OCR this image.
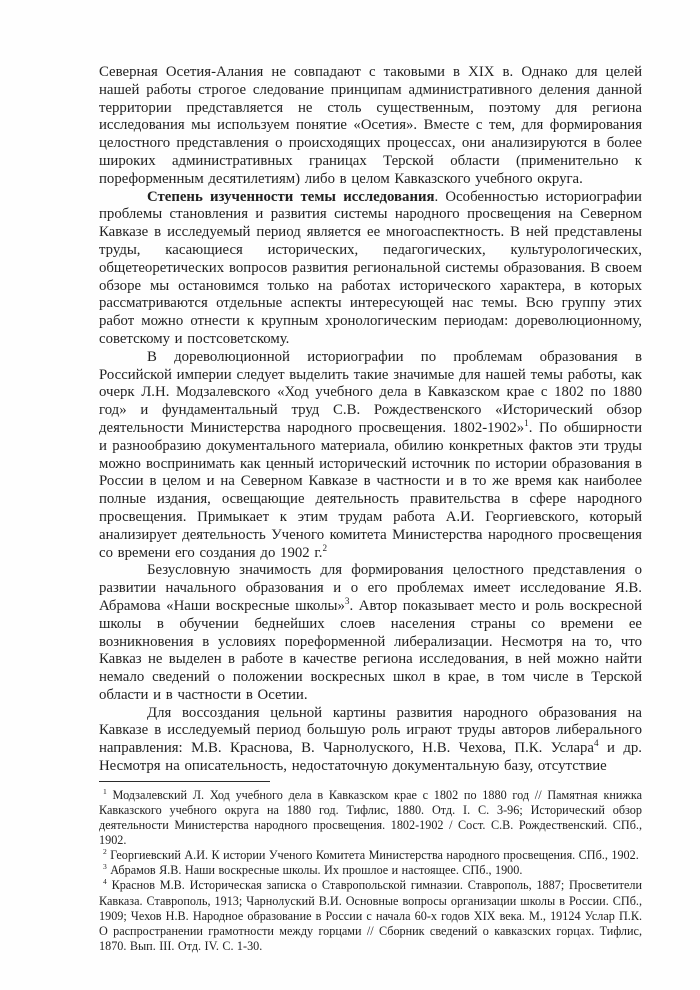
Северная Осетия-Алания не совпадают с таковыми в XIX в. Однако для целей нашей работы строгое следование принципам административного деления данной территории представляется не столь существенным, поэтому для региона исследования мы используем понятие «Осетия». Вместе с тем, для формирования целостного представления о происходящих процессах, они анализируются в более широких административных границах Терской области (применительно к пореформенным десятилетиям) либо в целом Кавказского учебного округа.

Степень изученности темы исследования. Особенностью историографии проблемы становления и развития системы народного просвещения на Северном Кавказе в исследуемый период является ее многоаспектность. В ней представлены труды, касающиеся исторических, педагогических, культурологических, общетеоретических вопросов развития региональной системы образования. В своем обзоре мы остановимся только на работах исторического характера, в которых рассматриваются отдельные аспекты интересующей нас темы. Всю группу этих работ можно отнести к крупным хронологическим периодам: дореволюционному, советскому и постсоветскому.

В дореволюционной историографии по проблемам образования в Российской империи следует выделить такие значимые для нашей темы работы, как очерк Л.Н. Модзалевского «Ход учебного дела в Кавказском крае с 1802 по 1880 год» и фундаментальный труд С.В. Рождественского «Исторический обзор деятельности Министерства народного просвещения. 1802-1902»$^1$. По обширности и разнообразию документального материала, обилию конкретных фактов эти труды можно воспринимать как ценный исторический источник по истории образования в России в целом и на Северном Кавказе в частности и в то же время как наиболее полные издания, освещающие деятельность правительства в сфере народного просвещения. Примыкает к этим трудам работа А.И. Георгиевского, который анализирует деятельность Ученого комитета Министерства народного просвещения со времени его создания до 1902 г.$^2$

Безусловную значимость для формирования целостного представления о развитии начального образования и о его проблемах имеет исследование Я.В. Абрамова «Наши воскресные школы»$^3$. Автор показывает место и роль воскресной школы в обучении беднейших слоев населения страны со времени ее возникновения в условиях пореформенной либерализации. Несмотря на то, что Кавказ не выделен в работе в качестве региона исследования, в ней можно найти немало сведений о положении воскресных школ в крае, в том числе в Терской области и в частности в Осетии.

Для воссоздания цельной картины развития народного образования на Кавказе в исследуемый период большую роль играют труды авторов либерального направления: М.В. Краснова, В. Чарнолуского, Н.В. Чехова, П.К. Услара$^4$ и др. Несмотря на описательность, недостаточную документальную базу, отсутствие

$^1$ Модзалевский Л. Ход учебного дела в Кавказском крае с 1802 по 1880 год // Памятная книжка Кавказского учебного округа на 1880 год. Тифлис, 1880. Отд. I. С. 3-96; Исторический обзор деятельности Министерства народного просвещения. 1802-1902 / Сост. С.В. Рождественский. СПб., 1902.

$^2$ Георгиевский А.И. К истории Ученого Комитета Министерства народного просвещения. СПб., 1902.

$^3$ Абрамов Я.В. Наши воскресные школы. Их прошлое и настоящее. СПб., 1900.

$^4$ Краснов М.В. Историческая записка о Ставропольской гимназии. Ставрополь, 1887; Просветители Кавказа. Ставрополь, 1913; Чарнолуский В.И. Основные вопросы организации школы в России. СПб., 1909; Чехов Н.В. Народное образование в России с начала 60-х годов XIX века. М., 19124 Услар П.К. О распространении грамотности между горцами // Сборник сведений о кавказских горцах. Тифлис, 1870. Вып. III. Отд. IV. С. 1-30.
